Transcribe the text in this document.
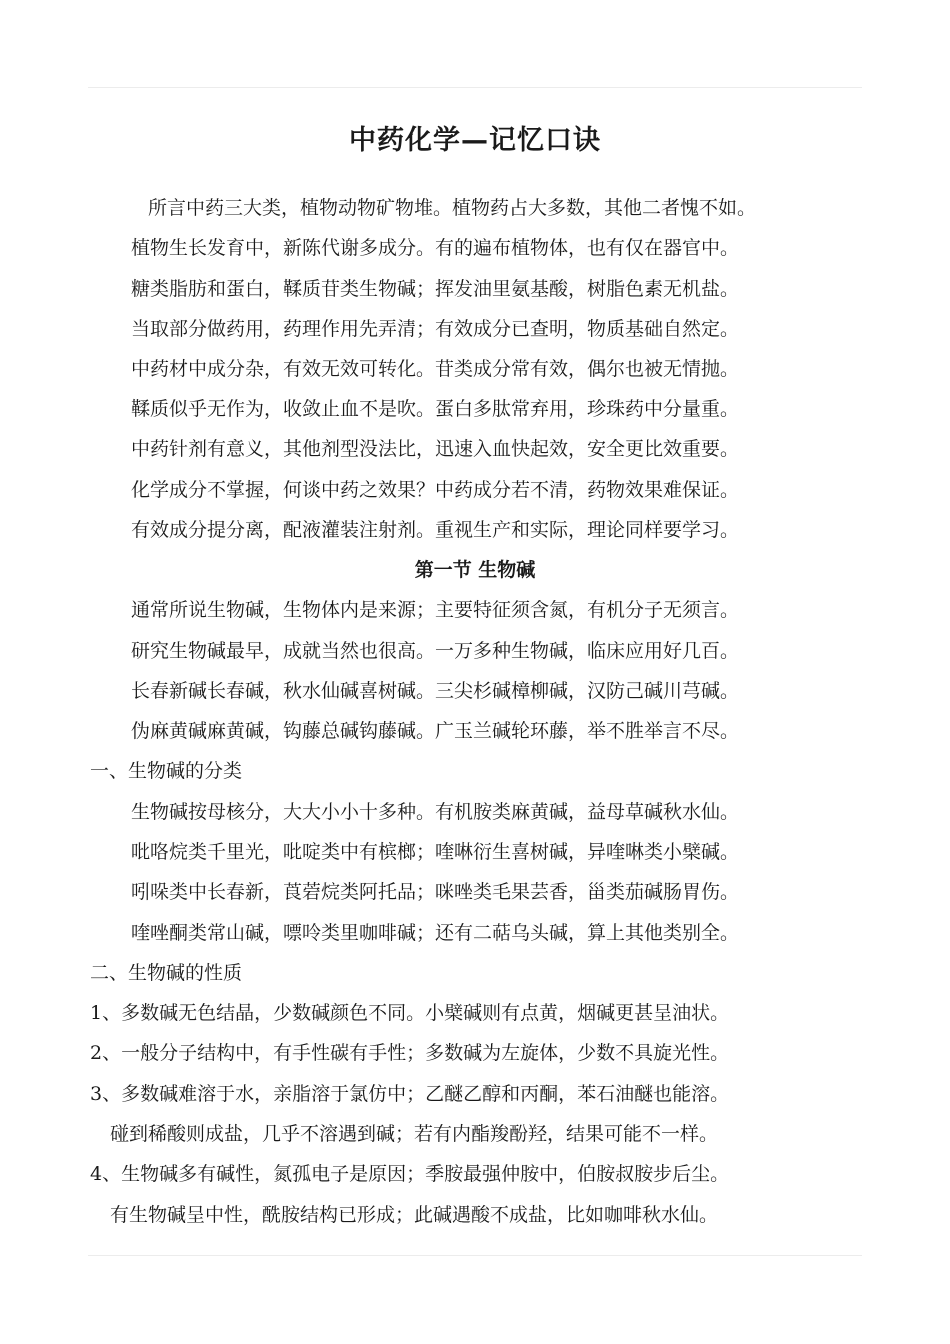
中药化学—记忆口诀
所言中药三大类，植物动物矿物堆。植物药占大多数，其他二者愧不如。
植物生长发育中，新陈代谢多成分。有的遍布植物体，也有仅在器官中。
糖类脂肪和蛋白，鞣质苷类生物碱；挥发油里氨基酸，树脂色素无机盐。
当取部分做药用，药理作用先弄清；有效成分已查明，物质基础自然定。
中药材中成分杂，有效无效可转化。苷类成分常有效，偶尔也被无情抛。
鞣质似乎无作为，收敛止血不是吹。蛋白多肽常弃用，珍珠药中分量重。
中药针剂有意义，其他剂型没法比，迅速入血快起效，安全更比效重要。
化学成分不掌握，何谈中药之效果？中药成分若不清，药物效果难保证。
有效成分提分离，配液灌装注射剂。重视生产和实际，理论同样要学习。
第一节 生物碱
通常所说生物碱，生物体内是来源；主要特征须含氮，有机分子无须言。
研究生物碱最早，成就当然也很高。一万多种生物碱，临床应用好几百。
长春新碱长春碱，秋水仙碱喜树碱。三尖杉碱樟柳碱，汉防己碱川芎碱。
伪麻黄碱麻黄碱，钩藤总碱钩藤碱。广玉兰碱轮环藤，举不胜举言不尽。
一、生物碱的分类
生物碱按母核分，大大小小十多种。有机胺类麻黄碱，益母草碱秋水仙。
吡咯烷类千里光，吡啶类中有槟榔；喹啉衍生喜树碱，异喹啉类小檗碱。
吲哚类中长春新，莨菪烷类阿托品；咪唑类毛果芸香，甾类茄碱肠胃伤。
喹唑酮类常山碱，嘌呤类里咖啡碱；还有二萜乌头碱，算上其他类别全。
二、生物碱的性质
1、多数碱无色结晶，少数碱颜色不同。小檗碱则有点黄，烟碱更甚呈油状。
2、一般分子结构中，有手性碳有手性；多数碱为左旋体，少数不具旋光性。
3、多数碱难溶于水，亲脂溶于氯仿中；乙醚乙醇和丙酮，苯石油醚也能溶。
碰到稀酸则成盐，几乎不溶遇到碱；若有内酯羧酚羟，结果可能不一样。
4、生物碱多有碱性，氮孤电子是原因；季胺最强仲胺中，伯胺叔胺步后尘。
有生物碱呈中性，酰胺结构已形成；此碱遇酸不成盐，比如咖啡秋水仙。
